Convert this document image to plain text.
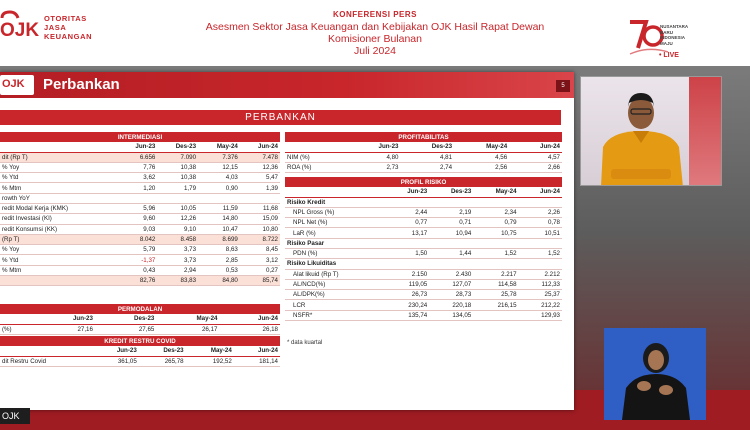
OJK
OTORITAS
JASA
KEUANGAN
KONFERENSI PERS
Asesmen Sektor Jasa Keuangan dan Kebijakan OJK Hasil Rapat Dewan Komisioner Bulanan
Juli 2024
NUSANTARA
BARU
INDONESIA
MAJU
• LIVE
OJK Perbankan	5
PERBANKAN
INTERMEDIASI				
	Jun-23	Des-23	May-24	Jun-24
dit (Rp T)	6.656	7.090	7.376	7.478
% Yoy	7,76	10,38	12,15	12,36
% Ytd	3,62	10,38	4,03	5,47
% Mtm	1,20	1,79	0,90	1,39
rowth YoY				
redit Modal Kerja (KMK)	5,96	10,05	11,59	11,68
redit Investasi (KI)	9,60	12,26	14,80	15,09
redit Konsumsi (KK)	9,03	9,10	10,47	10,80
(Rp T)	8.042	8.458	8.699	8.722
% Yoy	5,79	3,73	8,63	8,45
% Ytd	-1,37	3,73	2,85	3,12
% Mtm	0,43	2,94	0,53	0,27
	82,76	83,83	84,80	85,74
PERMODALAN				
	Jun-23	Des-23	May-24	Jun-24
(%)	27,16	27,65	26,17	26,18
KREDIT RESTRU COVID				
	Jun-23	Des-23	May-24	Jun-24
dit Restru Covid	361,05	265,78	192,52	181,14
PROFITABILITAS				
	Jun-23	Des-23	May-24	Jun-24
NIM (%)	4,80	4,81	4,56	4,57
ROA (%)	2,73	2,74	2,56	2,66
PROFIL RISIKO				
	Jun-23	Des-23	May-24	Jun-24
Risiko Kredit				
NPL Gross (%)	2,44	2,19	2,34	2,26
NPL Net (%)	0,77	0,71	0,79	0,78
LaR (%)	13,17	10,94	10,75	10,51
Risiko Pasar				
PDN (%)	1,50	1,44	1,52	1,52
Risiko Likuiditas				
Alat likuid (Rp T)	2.150	2.430	2.217	2.212
AL/NCD(%)	119,05	127,07	114,58	112,33
AL/DPK(%)	26,73	28,73	25,78	25,37
LCR	230,24	220,18	216,15	212,22
NSFR*	135,74	134,05		129,93
* data kuartal
OJK
